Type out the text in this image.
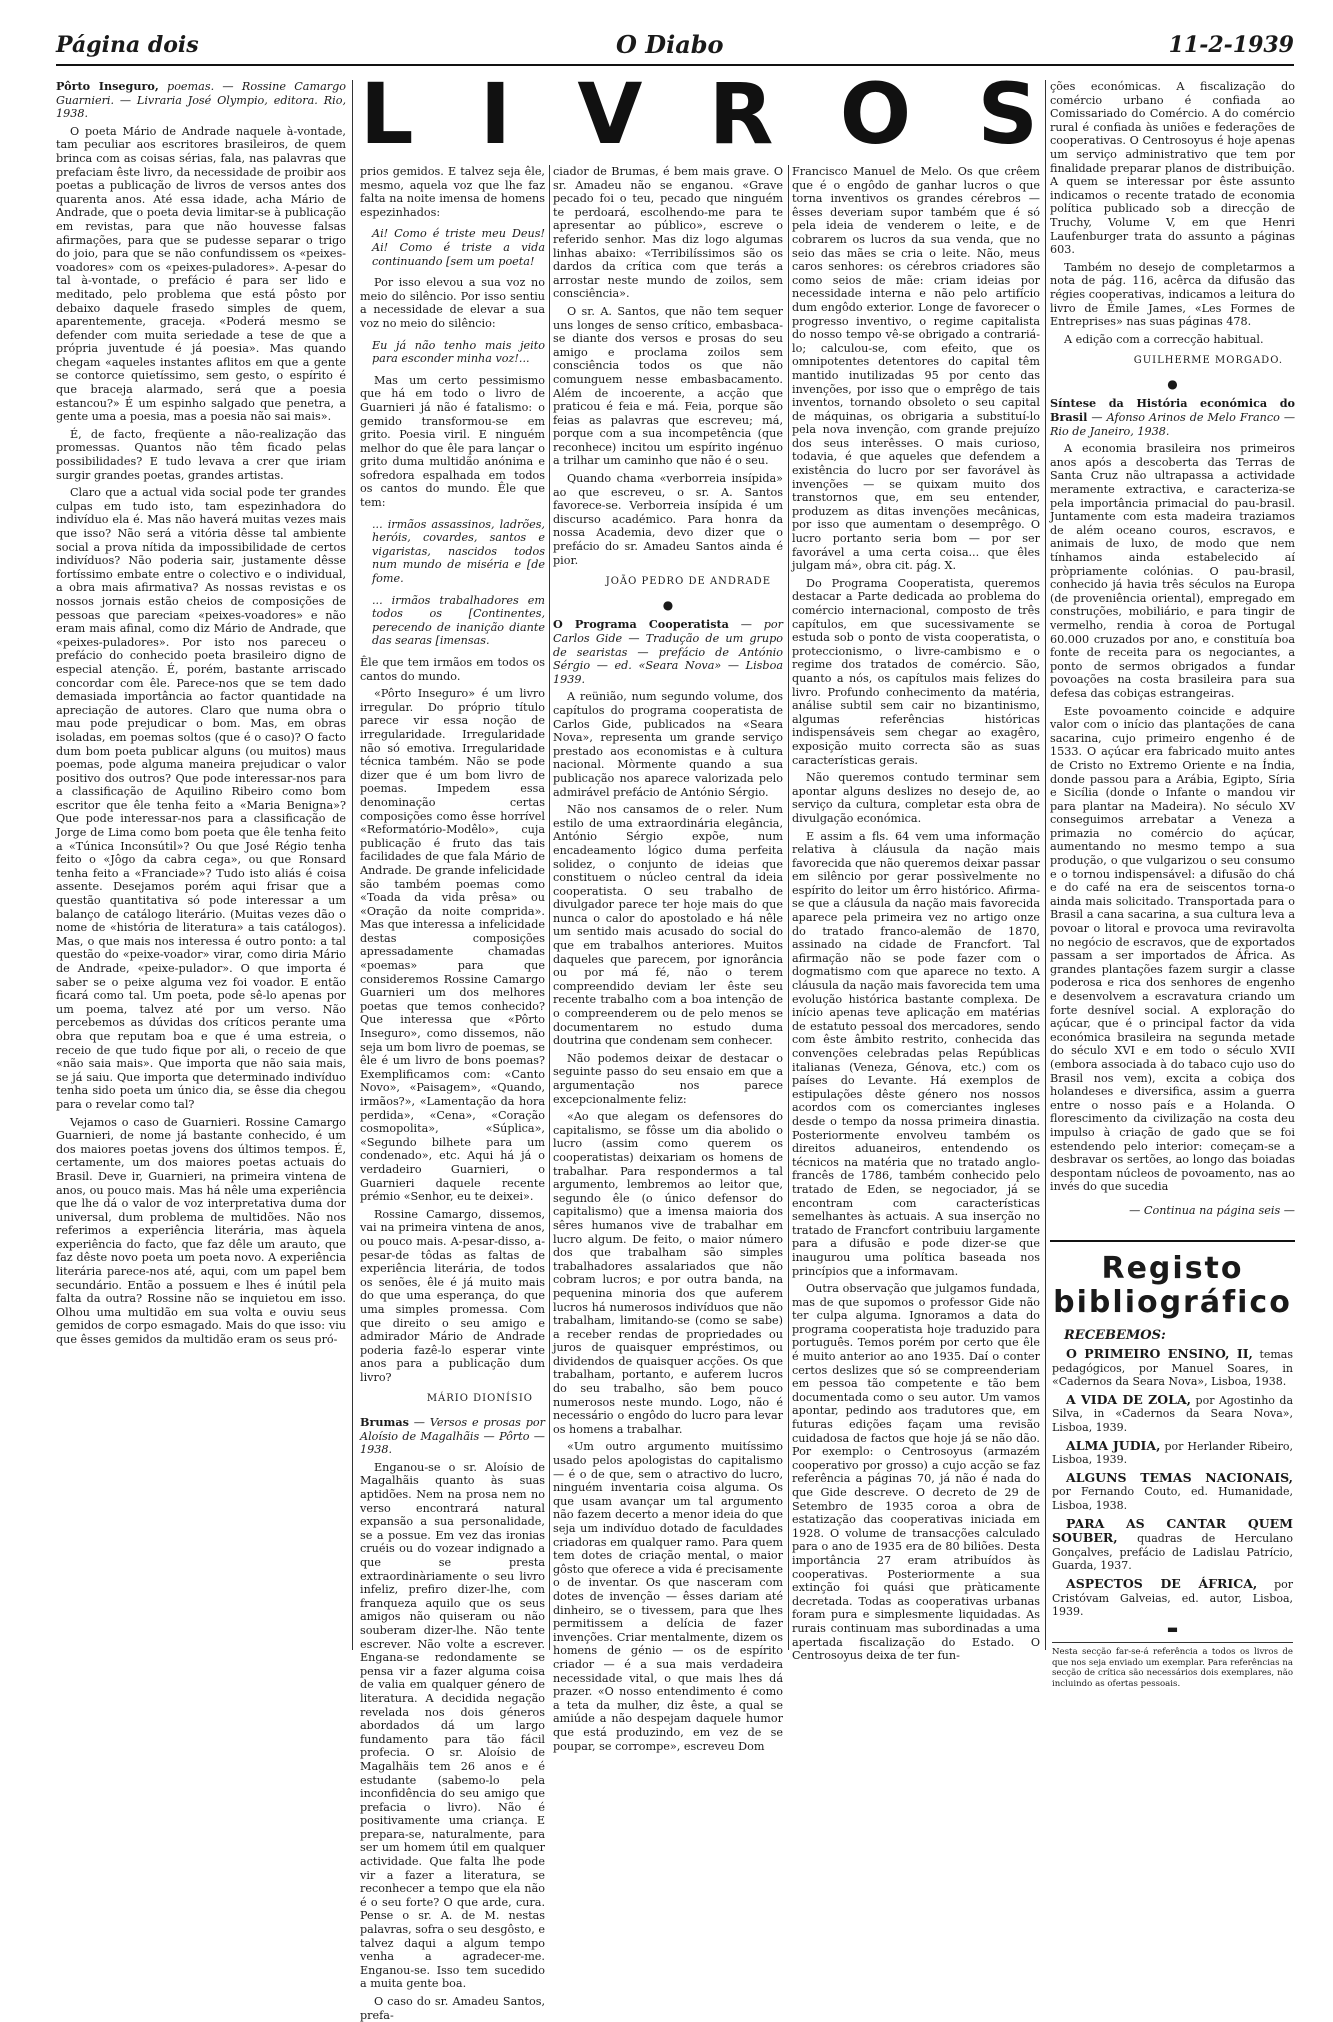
Página dois	O Diabo	11-2-1939
L I V R O S

Pôrto Inseguro, poemas. — Rossine Camargo Guarnieri. — Livraria José Olympio, editora. Rio, 1938.

O poeta Mário de Andrade naquele à-vontade, tam peculiar aos escritores brasileiros, de quem brinca com as coisas sérias, fala, nas palavras que prefaciam êste livro, da necessidade de proibir aos poetas a publicação de livros de versos antes dos quarenta anos. Até essa idade, acha Mário de Andrade, que o poeta devia limitar-se à publicação em revistas, para que não houvesse falsas afirmações, para que se pudesse separar o trigo do joio, para que se não confundissem os «peixes-voadores» com os «peixes-puladores». A-pesar do tal à-vontade, o prefácio é para ser lido e meditado, pelo problema que está pôsto por debaixo daquele frasedo simples de quem, aparentemente, graceja. «Poderá mesmo se defender com muita seriedade a tese de que a própria juventude é já poesia». Mas quando chegam «aqueles instantes aflitos em que a gente se contorce quietíssimo, sem gesto, o espírito é que braceja alarmado, será que a poesia estancou?» É um espinho salgado que penetra, a gente uma a poesia, mas a poesia não sai mais».

É, de facto, freqüente a não-realização das promessas. Quantos não têm ficado pelas possibilidades? E tudo levava a crer que iriam surgir grandes poetas, grandes artistas.

Claro que a actual vida social pode ter grandes culpas em tudo isto, tam espezinhadora do indivíduo ela é. Mas não haverá muitas vezes mais que isso? Não será a vitória dêsse tal ambiente social a prova nítida da impossibilidade de certos indivíduos? Não poderia sair, justamente dêsse fortíssimo embate entre o colectivo e o individual, a obra mais afirmativa? As nossas revistas e os nossos jornais estão cheios de composições de pessoas que pareciam «peixes-voadores» e não eram mais afinal, como diz Mário de Andrade, que «peixes-puladores». Por isto nos pareceu o prefácio do conhecido poeta brasileiro digno de especial atenção. É, porém, bastante arriscado concordar com êle. Parece-nos que se tem dado demasiada importância ao factor quantidade na apreciação de autores. Claro que numa obra o mau pode prejudicar o bom. Mas, em obras isoladas, em poemas soltos (que é o caso)? O facto dum bom poeta publicar alguns (ou muitos) maus poemas, pode alguma maneira prejudicar o valor positivo dos outros? Que pode interessar-nos para a classificação de Aquilino Ribeiro como bom escritor que êle tenha feito a «Maria Benigna»? Que pode interessar-nos para a classificação de Jorge de Lima como bom poeta que êle tenha feito a «Túnica Inconsútil»? Ou que José Régio tenha feito o «Jôgo da cabra cega», ou que Ronsard tenha feito a «Franciade»? Tudo isto aliás é coisa assente. Desejamos porém aqui frisar que a questão quantitativa só pode interessar a um balanço de catálogo literário. (Muitas vezes dão o nome de «história de literatura» a tais catálogos). Mas, o que mais nos interessa é outro ponto: a tal questão do «peixe-voador» virar, como diria Mário de Andrade, «peixe-pulador». O que importa é saber se o peixe alguma vez foi voador. E então ficará como tal. Um poeta, pode sê-lo apenas por um poema, talvez até por um verso. Não percebemos as dúvidas dos críticos perante uma obra que reputam boa e que é uma estreia, o receio de que tudo fique por ali, o receio de que «não saia mais». Que importa que não saia mais, se já saiu. Que importa que determinado indivíduo tenha sido poeta um único dia, se êsse dia chegou para o revelar como tal?

Vejamos o caso de Guarnieri. Rossine Camargo Guarnieri, de nome já bastante conhecido, é um dos maiores poetas jovens dos últimos tempos. É, certamente, um dos maiores poetas actuais do Brasil. Deve ir, Guarnieri, na primeira vintena de anos, ou pouco mais. Mas há nêle uma experiência que lhe dá o valor de voz interpretativa duma dor universal, dum problema de multidões. Não nos referimos a experiência literária, mas àquela experiência do facto, que faz dêle um arauto, que faz dêste novo poeta um poeta novo. A experiência literária parece-nos até, aqui, com um papel bem secundário. Então a possuem e lhes é inútil pela falta da outra? Rossine não se inquietou em isso. Olhou uma multidão em sua volta e ouviu seus gemidos de corpo esmagado. Mais do que isso: viu que êsses gemidos da multidão eram os seus pró-

prios gemidos. E talvez seja êle, mesmo, aquela voz que lhe faz falta na noite imensa de homens espezinhados:

Ai! Como é triste meu Deus! Ai! Como é triste a vida continuando [sem um poeta!

Por isso elevou a sua voz no meio do silêncio. Por isso sentiu a necessidade de elevar a sua voz no meio do silêncio:

Eu já não tenho mais jeito para esconder minha voz!...

Mas um certo pessimismo que há em todo o livro de Guarnieri já não é fatalismo: o gemido transformou-se em grito. Poesia viril. E ninguém melhor do que êle para lançar o grito duma multidão anónima e sofredora espalhada em todos os cantos do mundo. Êle que tem:

... irmãos assassinos, ladrões, heróis, covardes, santos e vigaristas, nascidos todos num mundo de miséria e [de fome.

... irmãos trabalhadores em todos os [Continentes, perecendo de inanição diante das searas [imensas.

Êle que tem irmãos em todos os cantos do mundo.

«Pôrto Inseguro» é um livro irregular. Do próprio título parece vir essa noção de irregularidade. Irregularidade não só emotiva. Irregularidade técnica também. Não se pode dizer que é um bom livro de poemas. Impedem essa denominação certas composições como êsse horrível «Reformatório-Modêlo», cuja publicação é fruto das tais facilidades de que fala Mário de Andrade. De grande infelicidade são também poemas como «Toada da vida prêsa» ou «Oração da noite comprida». Mas que interessa a infelicidade destas composições apressadamente chamadas «poemas» para que consideremos Rossine Camargo Guarnieri um dos melhores poetas que temos conhecido? Que interessa que «Pôrto Inseguro», como dissemos, não seja um bom livro de poemas, se êle é um livro de bons poemas? Exemplificamos com: «Canto Novo», «Paisagem», «Quando, irmãos?», «Lamentação da hora perdida», «Cena», «Coração cosmopolita», «Súplica», «Segundo bilhete para um condenado», etc. Aqui há já o verdadeiro Guarnieri, o Guarnieri daquele recente prémio «Senhor, eu te deixei».

Rossine Camargo, dissemos, vai na primeira vintena de anos, ou pouco mais. A-pesar-disso, a-pesar-de tôdas as faltas de experiência literária, de todos os senões, êle é já muito mais do que uma esperança, do que uma simples promessa. Com que direito o seu amigo e admirador Mário de Andrade poderia fazê-lo esperar vinte anos para a publicação dum livro?

MÁRIO DIONÍSIO

Brumas — Versos e prosas por Aloísio de Magalhãis — Pôrto — 1938.

Enganou-se o sr. Aloísio de Magalhãis quanto às suas aptidões. Nem na prosa nem no verso encontrará natural expansão a sua personalidade, se a possue. Em vez das ironias cruéis ou do vozear indignado a que se presta extraordinàriamente o seu livro infeliz, prefiro dizer-lhe, com franqueza aquilo que os seus amigos não quiseram ou não souberam dizer-lhe. Não tente escrever. Não volte a escrever. Engana-se redondamente se pensa vir a fazer alguma coisa de valia em qualquer género de literatura. A decidida negação revelada nos dois géneros abordados dá um largo fundamento para tão fácil profecia. O sr. Aloísio de Magalhãis tem 26 anos e é estudante (sabemo-lo pela inconfidência do seu amigo que prefacia o livro). Não é positivamente uma criança. E prepara-se, naturalmente, para ser um homem útil em qualquer actividade. Que falta lhe pode vir a fazer a literatura, se reconhecer a tempo que ela não é o seu forte? O que arde, cura. Pense o sr. A. de M. nestas palavras, sofra o seu desgôsto, e talvez daqui a algum tempo venha a agradecer-me. Enganou-se. Isso tem sucedido a muita gente boa.

O caso do sr. Amadeu Santos, prefa-

ciador de Brumas, é bem mais grave. O sr. Amadeu não se enganou. «Grave pecado foi o teu, pecado que ninguém te perdoará, escolhendo-me para te apresentar ao público», escreve o referido senhor. Mas diz logo algumas linhas abaixo: «Terribilíssimos são os dardos da crítica com que terás a arrostar neste mundo de zoilos, sem consciência».

O sr. A. Santos, que não tem sequer uns longes de senso crítico, embasbaca-se diante dos versos e prosas do seu amigo e proclama zoilos sem consciência todos os que não comunguem nesse embasbacamento. Além de incoerente, a acção que praticou é feia e má. Feia, porque são feias as palavras que escreveu; má, porque com a sua incompetência (que reconhece) incitou um espírito ingénuo a trilhar um caminho que não é o seu.

Quando chama «verborreia insípida» ao que escreveu, o sr. A. Santos favorece-se. Verborreia insípida é um discurso académico. Para honra da nossa Academia, devo dizer que o prefácio do sr. Amadeu Santos ainda é pior.

JOÃO PEDRO DE ANDRADE

●

O Programa Cooperatista — por Carlos Gide — Tradução de um grupo de searistas — prefácio de António Sérgio — ed. «Seara Nova» — Lisboa 1939.

A reünião, num segundo volume, dos capítulos do programa cooperatista de Carlos Gide, publicados na «Seara Nova», representa um grande serviço prestado aos economistas e à cultura nacional. Mòrmente quando a sua publicação nos aparece valorizada pelo admirável prefácio de António Sérgio.

Não nos cansamos de o reler. Num estilo de uma extraordinária elegância, António Sérgio expõe, num encadeamento lógico duma perfeita solidez, o conjunto de ideias que constituem o núcleo central da ideia cooperatista. O seu trabalho de divulgador parece ter hoje mais do que nunca o calor do apostolado e há nêle um sentido mais acusado do social do que em trabalhos anteriores. Muitos daqueles que parecem, por ignorância ou por má fé, não o terem compreendido deviam ler êste seu recente trabalho com a boa intenção de o compreenderem ou de pelo menos se documentarem no estudo duma doutrina que condenam sem conhecer.

Não podemos deixar de destacar o seguinte passo do seu ensaio em que a argumentação nos parece excepcionalmente feliz:

«Ao que alegam os defensores do capitalismo, se fôsse um dia abolido o lucro (assim como querem os cooperatistas) deixariam os homens de trabalhar. Para respondermos a tal argumento, lembremos ao leitor que, segundo êle (o único defensor do capitalismo) que a imensa maioria dos sêres humanos vive de trabalhar em lucro algum. De feito, o maior número dos que trabalham são simples trabalhadores assalariados que não cobram lucros; e por outra banda, na pequenina minoria dos que auferem lucros há numerosos indivíduos que não trabalham, limitando-se (como se sabe) a receber rendas de propriedades ou juros de quaisquer empréstimos, ou dividendos de quaisquer acções. Os que trabalham, portanto, e auferem lucros do seu trabalho, são bem pouco numerosos neste mundo. Logo, não é necessário o engôdo do lucro para levar os homens a trabalhar.

«Um outro argumento muitíssimo usado pelos apologistas do capitalismo — é o de que, sem o atractivo do lucro, ninguém inventaria coisa alguma. Os que usam avançar um tal argumento não fazem decerto a menor ideia do que seja um indivíduo dotado de faculdades criadoras em qualquer ramo. Para quem tem dotes de criação mental, o maior gôsto que oferece a vida é precisamente o de inventar. Os que nasceram com dotes de invenção — êsses dariam até dinheiro, se o tivessem, para que lhes permitissem a delícia de fazer invenções. Criar mentalmente, dizem os homens de génio — os de espírito criador — é a sua mais verdadeira necessidade vital, o que mais lhes dá prazer. «O nosso entendimento é como a teta da mulher, diz êste, a qual se amiúde a não despejam daquele humor que está produzindo, em vez de se poupar, se corrompe», escreveu Dom

Francisco Manuel de Melo. Os que crêem que é o engôdo de ganhar lucros o que torna inventivos os grandes cérebros — êsses deveriam supor também que é só pela ideia de venderem o leite, e de cobrarem os lucros da sua venda, que no seio das mães se cria o leite. Não, meus caros senhores: os cérebros criadores são como seios de mãe: criam ideias por necessidade interna e não pelo artifício dum engôdo exterior. Longe de favorecer o progresso inventivo, o regime capitalista do nosso tempo vê-se obrigado a contrariá-lo; calculou-se, com efeito, que os omnipotentes detentores do capital têm mantido inutilizadas 95 por cento das invenções, por isso que o emprêgo de tais inventos, tornando obsoleto o seu capital de máquinas, os obrigaria a substituí-lo pela nova invenção, com grande prejuízo dos seus interêsses. O mais curioso, todavia, é que aqueles que defendem a existência do lucro por ser favorável às invenções — se quixam muito dos transtornos que, em seu entender, produzem as ditas invenções mecânicas, por isso que aumentam o desemprêgo. O lucro portanto seria bom — por ser favorável a uma certa coisa... que êles julgam má», obra cit. pág. X.

Do Programa Cooperatista, queremos destacar a Parte dedicada ao problema do comércio internacional, composto de três capítulos, em que sucessivamente se estuda sob o ponto de vista cooperatista, o proteccionismo, o livre-cambismo e o regime dos tratados de comércio. São, quanto a nós, os capítulos mais felizes do livro. Profundo conhecimento da matéria, análise subtil sem cair no bizantinismo, algumas referências históricas indispensáveis sem chegar ao exagêro, exposição muito correcta são as suas características gerais.

Não queremos contudo terminar sem apontar alguns deslizes no desejo de, ao serviço da cultura, completar esta obra de divulgação económica.

E assim a fls. 64 vem uma informação relativa à cláusula da nação mais favorecida que não queremos deixar passar em silêncio por gerar possìvelmente no espírito do leitor um êrro histórico. Afirma-se que a cláusula da nação mais favorecida aparece pela primeira vez no artigo onze do tratado franco-alemão de 1870, assinado na cidade de Francfort. Tal afirmação não se pode fazer com o dogmatismo com que aparece no texto. A cláusula da nação mais favorecida tem uma evolução histórica bastante complexa. De início apenas teve aplicação em matérias de estatuto pessoal dos mercadores, sendo com êste âmbito restrito, conhecida das convenções celebradas pelas Repúblicas italianas (Veneza, Génova, etc.) com os países do Levante. Há exemplos de estipulações dêste género nos nossos acordos com os comerciantes ingleses desde o tempo da nossa primeira dinastia. Posteriormente envolveu também os direitos aduaneiros, entendendo os técnicos na matéria que no tratado anglo-francês de 1786, também conhecido pelo tratado de Eden, se negociador, já se encontram com características semelhantes às actuais. A sua inserção no tratado de Francfort contribuiu largamente para a difusão e pode dizer-se que inaugurou uma política baseada nos princípios que a informavam.

Outra observação que julgamos fundada, mas de que supomos o professor Gide não ter culpa alguma. Ignoramos a data do programa cooperatista hoje traduzido para português. Temos porém por certo que êle é muito anterior ao ano 1935. Daí o conter certos deslizes que só se compreenderiam em pessoa tão competente e tão bem documentada como o seu autor. Um vamos apontar, pedindo aos tradutores que, em futuras edições façam uma revisão cuidadosa de factos que hoje já se não dão. Por exemplo: o Centrosoyus (armazém cooperativo por grosso) a cujo acção se faz referência a páginas 70, já não é nada do que Gide descreve. O decreto de 29 de Setembro de 1935 coroa a obra de estatização das cooperativas iniciada em 1928. O volume de transacções calculado para o ano de 1935 era de 80 biliões. Desta importância 27 eram atribuídos às cooperativas. Posteriormente a sua extinção foi quási que pràticamente decretada. Todas as cooperativas urbanas foram pura e simplesmente liquidadas. As rurais continuam mas subordinadas a uma apertada fiscalização do Estado. O Centrosoyus deixa de ter fun-

ções económicas. A fiscalização do comércio urbano é confiada ao Comissariado do Comércio. A do comércio rural é confiada às uniões e federações de cooperativas. O Centrosoyus é hoje apenas um serviço administrativo que tem por finalidade preparar planos de distribuição. A quem se interessar por êste assunto indicamos o recente tratado de economia política publicado sob a direcção de Truchy, Volume V, em que Henri Laufenburger trata do assunto a páginas 603.

Também no desejo de completarmos a nota de pág. 116, acêrca da difusão das régies cooperativas, indicamos a leitura do livro de Émile James, «Les Formes de Entreprises» nas suas páginas 478.

A edição com a correcção habitual.

GUILHERME MORGADO.

●

Síntese da História económica do Brasil — Afonso Arinos de Melo Franco — Rio de Janeiro, 1938.

A economia brasileira nos primeiros anos após a descoberta das Terras de Santa Cruz não ultrapassa a actividade meramente extractiva, e caracteriza-se pela importância primacial do pau-brasil. Juntamente com esta madeira traziamos de além oceano couros, escravos, e animais de luxo, de modo que nem tínhamos ainda estabelecido aí pròpriamente colónias. O pau-brasil, conhecido já havia três séculos na Europa (de proveniência oriental), empregado em construções, mobiliário, e para tingir de vermelho, rendia à coroa de Portugal 60.000 cruzados por ano, e constituía boa fonte de receita para os negociantes, a ponto de sermos obrigados a fundar povoações na costa brasileira para sua defesa das cobiças estrangeiras.

Este povoamento coincide e adquire valor com o início das plantações de cana sacarina, cujo primeiro engenho é de 1533. O açúcar era fabricado muito antes de Cristo no Extremo Oriente e na Índia, donde passou para a Arábia, Egipto, Síria e Sicília (donde o Infante o mandou vir para plantar na Madeira). No século XV conseguimos arrebatar a Veneza a primazia no comércio do açúcar, aumentando no mesmo tempo a sua produção, o que vulgarizou o seu consumo e o tornou indispensável: a difusão do chá e do café na era de seiscentos torna-o ainda mais solicitado. Transportada para o Brasil a cana sacarina, a sua cultura leva a povoar o litoral e provoca uma reviravolta no negócio de escravos, que de exportados passam a ser importados de África. As grandes plantações fazem surgir a classe poderosa e rica dos senhores de engenho e desenvolvem a escravatura criando um forte desnível social. A exploração do açúcar, que é o principal factor da vida económica brasileira na segunda metade do século XVI e em todo o século XVII (embora associada à do tabaco cujo uso do Brasil nos vem), excita a cobiça dos holandeses e diversifica, assim a guerra entre o nosso país e a Holanda. O florescimento da civilização na costa deu impulso à criação de gado que se foi estendendo pelo interior: começam-se a desbravar os sertões, ao longo das boiadas despontam núcleos de povoamento, nas ao invés do que sucedia

— Continua na página seis —

Registo
bibliográfico
RECEBEMOS:

O PRIMEIRO ENSINO, II, temas pedagógicos, por Manuel Soares, in «Cadernos da Seara Nova», Lisboa, 1938.

A VIDA DE ZOLA, por Agostinho da Silva, in «Cadernos da Seara Nova», Lisboa, 1939.

ALMA JUDIA, por Herlander Ribeiro, Lisboa, 1939.

ALGUNS TEMAS NACIONAIS, por Fernando Couto, ed. Humanidade, Lisboa, 1938.

PARA AS CANTAR QUEM SOUBER, quadras de Herculano Gonçalves, prefácio de Ladislau Patrício, Guarda, 1937.

ASPECTOS DE ÁFRICA, por Cristóvam Galveias, ed. autor, Lisboa, 1939.

▬
Nesta secção far-se-á referência a todos os livros de que nos seja enviado um exemplar. Para referências na secção de crítica são necessários dois exemplares, não incluindo as ofertas pessoais.
